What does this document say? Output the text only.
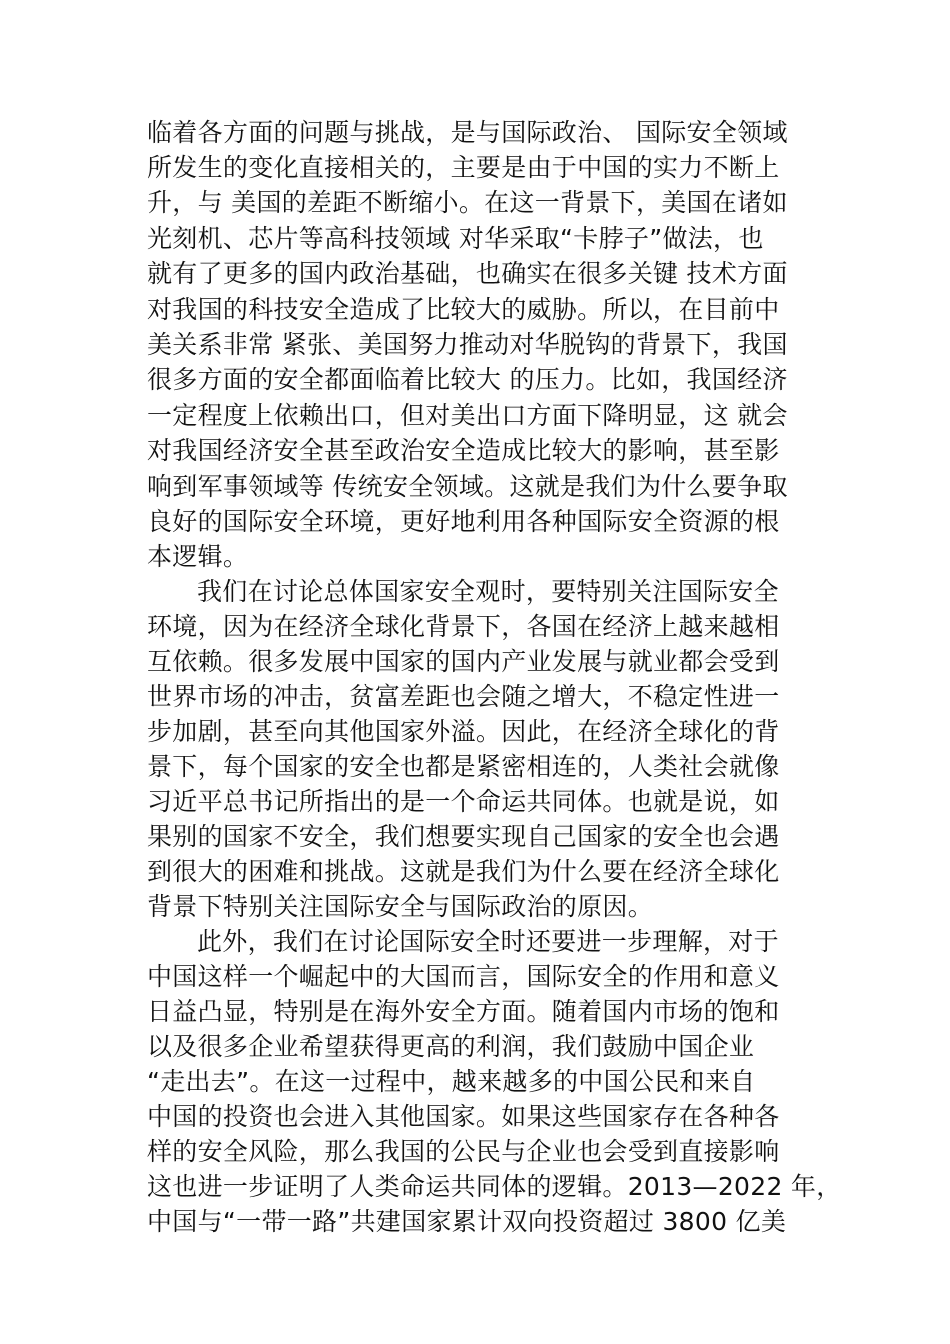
临着各方面的问题与挑战，是与国际政治、 国际安全领域
所发生的变化直接相关的，主要是由于中国的实力不断上
升，与 美国的差距不断缩小。在这一背景下，美国在诸如
光刻机、芯片等高科技领域 对华采取“卡脖子”做法，也
就有了更多的国内政治基础，也确实在很多关键 技术方面
对我国的科技安全造成了比较大的威胁。所以，在目前中
美关系非常 紧张、美国努力推动对华脱钩的背景下，我国
很多方面的安全都面临着比较大 的压力。比如，我国经济
一定程度上依赖出口，但对美出口方面下降明显，这 就会
对我国经济安全甚至政治安全造成比较大的影响，甚至影
响到军事领域等 传统安全领域。这就是我们为什么要争取
良好的国际安全环境，更好地利用各种国际安全资源的根
本逻辑。
我们在讨论总体国家安全观时，要特别关注国际安全
环境，因为在经济全球化背景下，各国在经济上越来越相
互依赖。很多发展中国家的国内产业发展与就业都会受到
世界市场的冲击，贫富差距也会随之增大，不稳定性进一
步加剧，甚至向其他国家外溢。因此，在经济全球化的背
景下，每个国家的安全也都是紧密相连的，人类社会就像
习近平总书记所指出的是一个命运共同体。也就是说，如
果别的国家不安全，我们想要实现自己国家的安全也会遇
到很大的困难和挑战。这就是我们为什么要在经济全球化
背景下特别关注国际安全与国际政治的原因。
此外，我们在讨论国际安全时还要进一步理解，对于
中国这样一个崛起中的大国而言，国际安全的作用和意义
日益凸显，特别是在海外安全方面。随着国内市场的饱和
以及很多企业希望获得更高的利润，我们鼓励中国企业
“走出去”。在这一过程中，越来越多的中国公民和来自
中国的投资也会进入其他国家。如果这些国家存在各种各
样的安全风险，那么我国的公民与企业也会受到直接影响
这也进一步证明了人类命运共同体的逻辑。2013—2022 年，
中国与“一带一路”共建国家累计双向投资超过 3800 亿美
